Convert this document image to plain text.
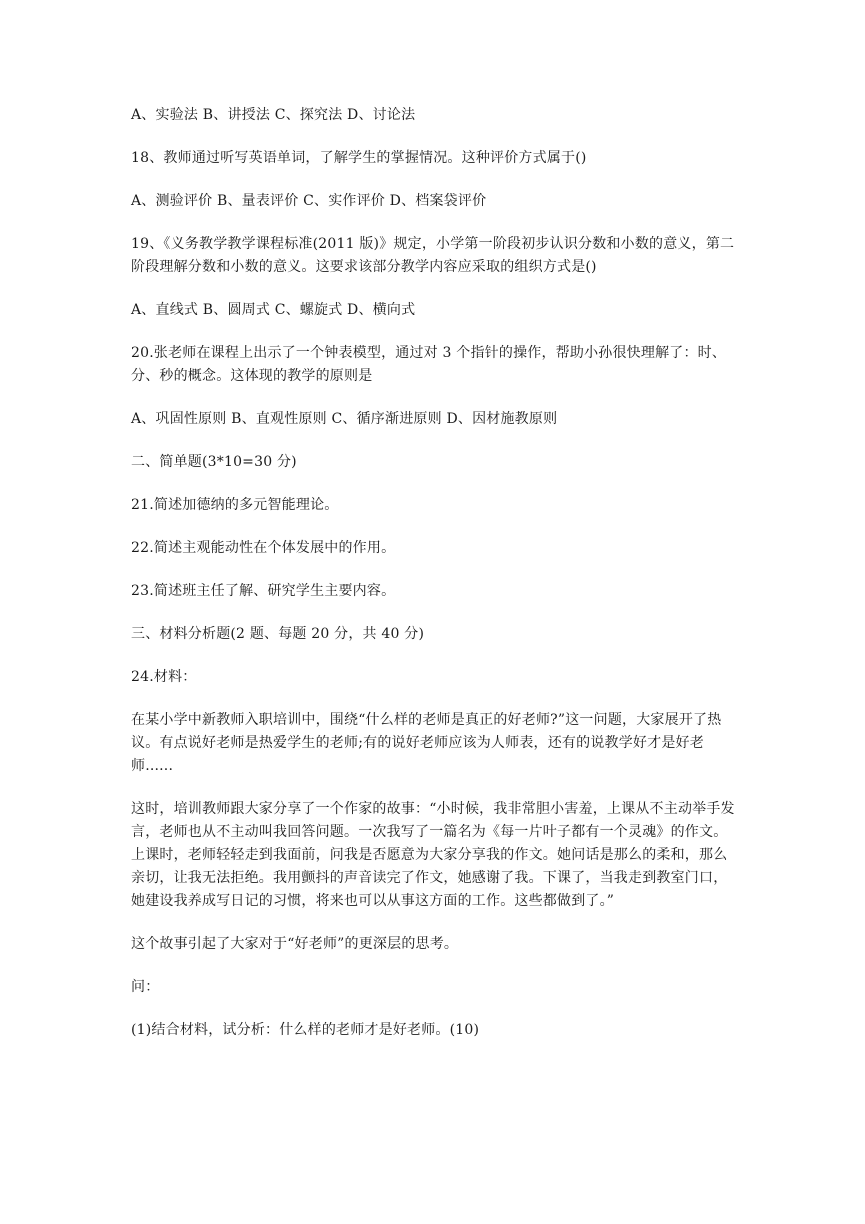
A、实验法 B、讲授法 C、探究法 D、讨论法

18、教师通过听写英语单词，了解学生的掌握情况。这种评价方式属于()

A、测验评价 B、量表评价 C、实作评价 D、档案袋评价

19、《义务教学教学课程标准(2011 版)》规定，小学第一阶段初步认识分数和小数的意义，第二阶段理解分数和小数的意义。这要求该部分教学内容应采取的组织方式是()

A、直线式 B、圆周式 C、螺旋式 D、横向式

20.张老师在课程上出示了一个钟表模型，通过对 3 个指针的操作，帮助小孙很快理解了：时、分、秒的概念。这体现的教学的原则是

A、巩固性原则 B、直观性原则 C、循序渐进原则 D、因材施教原则

二、简单题(3*10=30 分)

21.简述加德纳的多元智能理论。

22.简述主观能动性在个体发展中的作用。

23.简述班主任了解、研究学生主要内容。

三、材料分析题(2 题、每题 20 分，共 40 分)

24.材料：

在某小学中新教师入职培训中，围绕“什么样的老师是真正的好老师?”这一问题，大家展开了热议。有点说好老师是热爱学生的老师;有的说好老师应该为人师表，还有的说教学好才是好老师......

这时，培训教师跟大家分享了一个作家的故事：“小时候，我非常胆小害羞，上课从不主动举手发言，老师也从不主动叫我回答问题。一次我写了一篇名为《每一片叶子都有一个灵魂》的作文。上课时，老师轻轻走到我面前，问我是否愿意为大家分享我的作文。她问话是那么的柔和，那么亲切，让我无法拒绝。我用颤抖的声音读完了作文，她感谢了我。下课了，当我走到教室门口，她建设我养成写日记的习惯，将来也可以从事这方面的工作。这些都做到了。”

这个故事引起了大家对于“好老师”的更深层的思考。

问：

(1)结合材料，试分析：什么样的老师才是好老师。(10)
